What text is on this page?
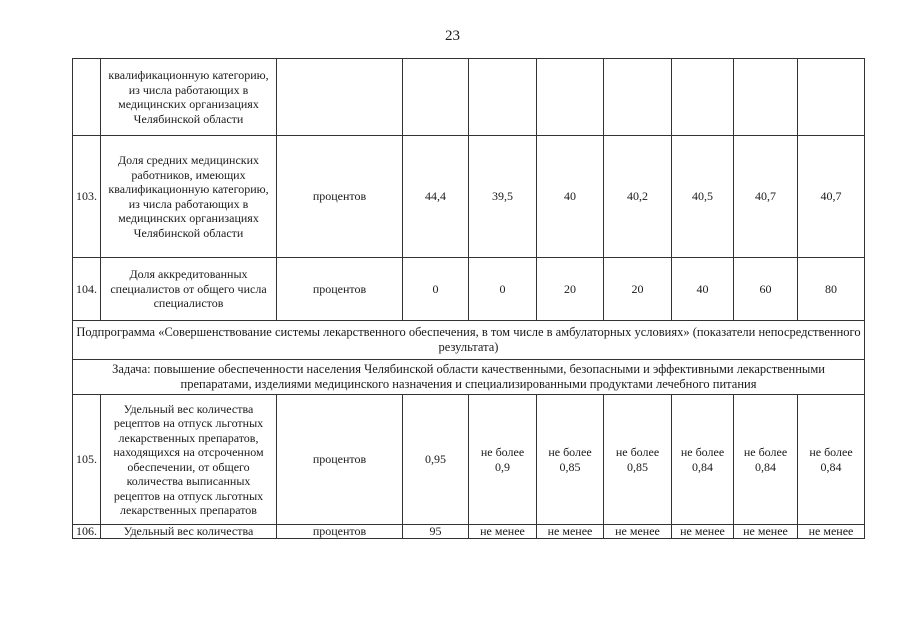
23
	квалификационную категорию, из числа работающих в медицинских организациях Челябинской области								
103.	Доля средних медицинских работников, имеющих квалификационную категорию, из числа работающих в медицинских организациях Челябинской области	процентов	44,4	39,5	40	40,2	40,5	40,7	40,7
104.	Доля аккредитованных специалистов от общего числа специалистов	процентов	0	0	20	20	40	60	80
Подпрограмма «Совершенствование системы лекарственного обеспечения, в том числе в амбулаторных условиях» (показатели непосредственного результата)									
Задача: повышение обеспеченности населения Челябинской области качественными, безопасными и эффективными лекарственными препаратами, изделиями медицинского назначения и специализированными продуктами лечебного питания									
105.	Удельный вес количества рецептов на отпуск льготных лекарственных препаратов, находящихся на отсроченном обеспечении, от общего количества выписанных рецептов на отпуск льготных лекарственных препаратов	процентов	0,95	не более 0,9	не более 0,85	не более 0,85	не более 0,84	не более 0,84	не более 0,84
106.	Удельный вес количества	процентов	95	не менее	не менее	не менее	не менее	не менее	не менее
